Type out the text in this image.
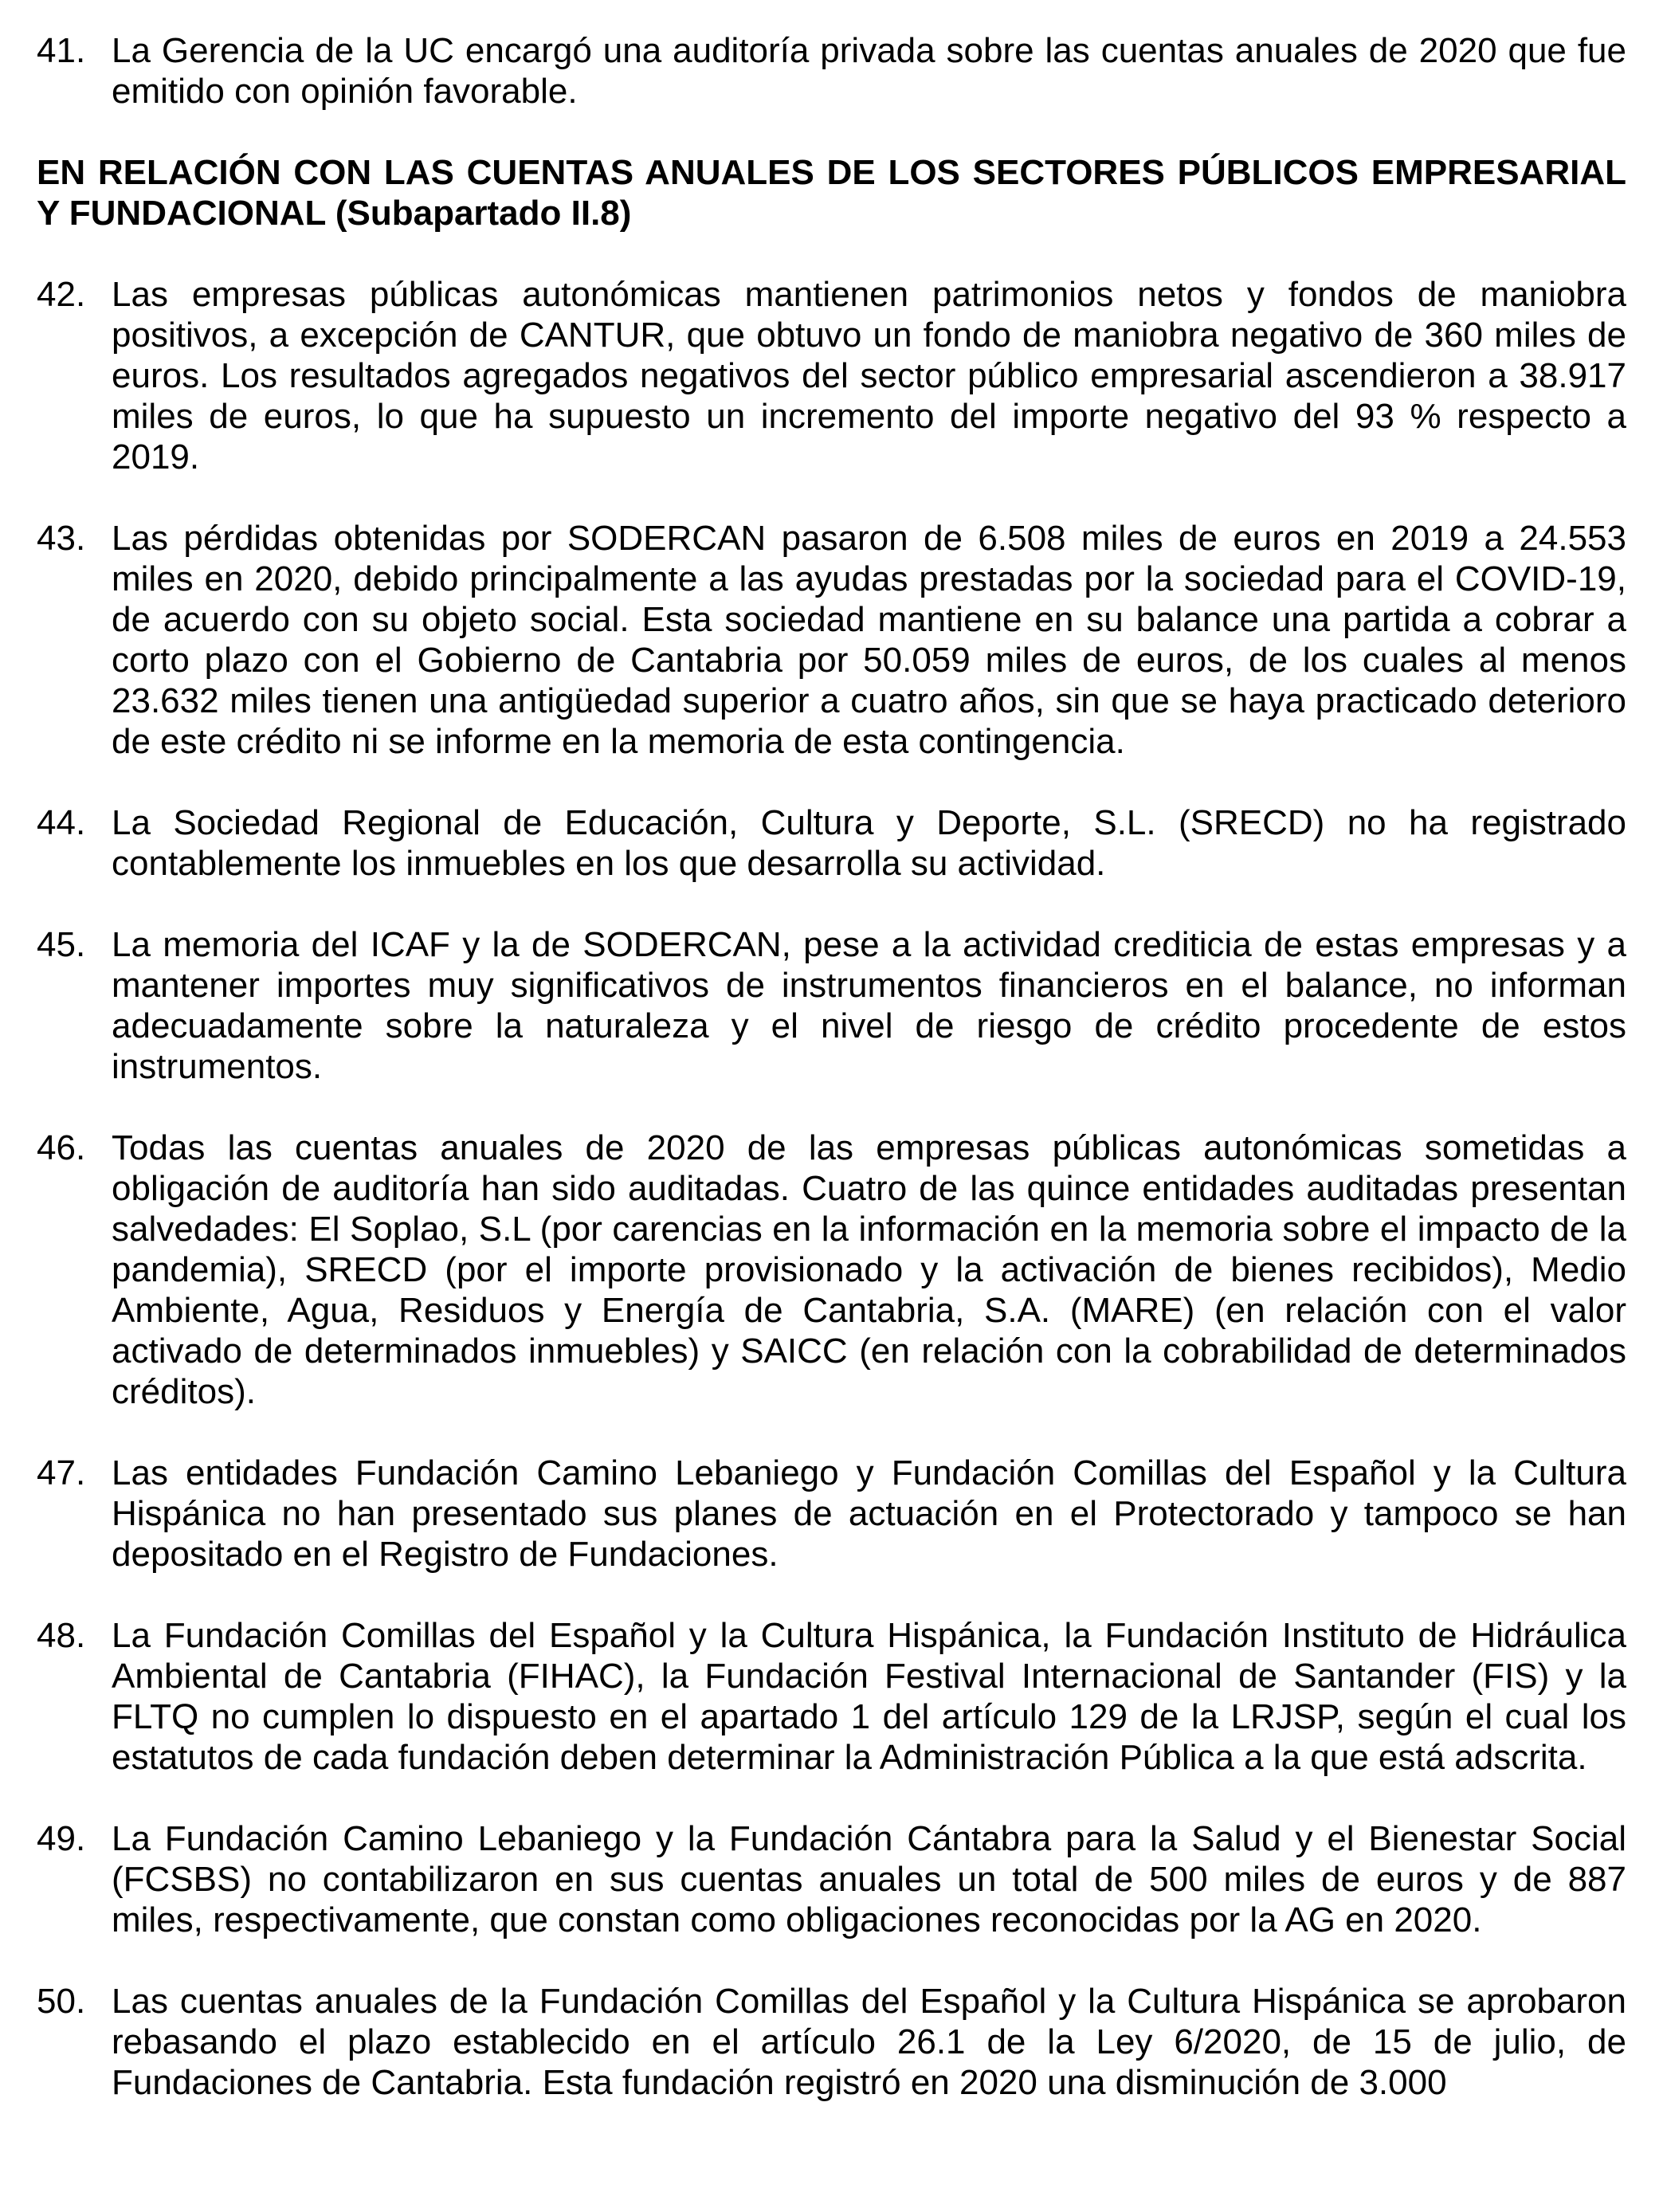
41. La Gerencia de la UC encargó una auditoría privada sobre las cuentas anuales de 2020 que fue emitido con opinión favorable.
EN RELACIÓN CON LAS CUENTAS ANUALES DE LOS SECTORES PÚBLICOS EMPRESARIAL Y FUNDACIONAL (Subapartado II.8)
42. Las empresas públicas autonómicas mantienen patrimonios netos y fondos de maniobra positivos, a excepción de CANTUR, que obtuvo un fondo de maniobra negativo de 360 miles de euros. Los resultados agregados negativos del sector público empresarial ascendieron a 38.917 miles de euros, lo que ha supuesto un incremento del importe negativo del 93 % respecto a 2019.
43. Las pérdidas obtenidas por SODERCAN pasaron de 6.508 miles de euros en 2019 a 24.553 miles en 2020, debido principalmente a las ayudas prestadas por la sociedad para el COVID-19, de acuerdo con su objeto social. Esta sociedad mantiene en su balance una partida a cobrar a corto plazo con el Gobierno de Cantabria por 50.059 miles de euros, de los cuales al menos 23.632 miles tienen una antigüedad superior a cuatro años, sin que se haya practicado deterioro de este crédito ni se informe en la memoria de esta contingencia.
44. La Sociedad Regional de Educación, Cultura y Deporte, S.L. (SRECD) no ha registrado contablemente los inmuebles en los que desarrolla su actividad.
45. La memoria del ICAF y la de SODERCAN, pese a la actividad crediticia de estas empresas y a mantener importes muy significativos de instrumentos financieros en el balance, no informan adecuadamente sobre la naturaleza y el nivel de riesgo de crédito procedente de estos instrumentos.
46. Todas las cuentas anuales de 2020 de las empresas públicas autonómicas sometidas a obligación de auditoría han sido auditadas. Cuatro de las quince entidades auditadas presentan salvedades: El Soplao, S.L (por carencias en la información en la memoria sobre el impacto de la pandemia), SRECD (por el importe provisionado y la activación de bienes recibidos), Medio Ambiente, Agua, Residuos y Energía de Cantabria, S.A. (MARE) (en relación con el valor activado de determinados inmuebles) y SAICC (en relación con la cobrabilidad de determinados créditos).
47. Las entidades Fundación Camino Lebaniego y Fundación Comillas del Español y la Cultura Hispánica no han presentado sus planes de actuación en el Protectorado y tampoco se han depositado en el Registro de Fundaciones.
48. La Fundación Comillas del Español y la Cultura Hispánica, la Fundación Instituto de Hidráulica Ambiental de Cantabria (FIHAC), la Fundación Festival Internacional de Santander (FIS) y la FLTQ no cumplen lo dispuesto en el apartado 1 del artículo 129 de la LRJSP, según el cual los estatutos de cada fundación deben determinar la Administración Pública a la que está adscrita.
49. La Fundación Camino Lebaniego y la Fundación Cántabra para la Salud y el Bienestar Social (FCSBS) no contabilizaron en sus cuentas anuales un total de 500 miles de euros y de 887 miles, respectivamente, que constan como obligaciones reconocidas por la AG en 2020.
50. Las cuentas anuales de la Fundación Comillas del Español y la Cultura Hispánica se aprobaron rebasando el plazo establecido en el artículo 26.1 de la Ley 6/2020, de 15 de julio, de Fundaciones de Cantabria. Esta fundación registró en 2020 una disminución de 3.000
